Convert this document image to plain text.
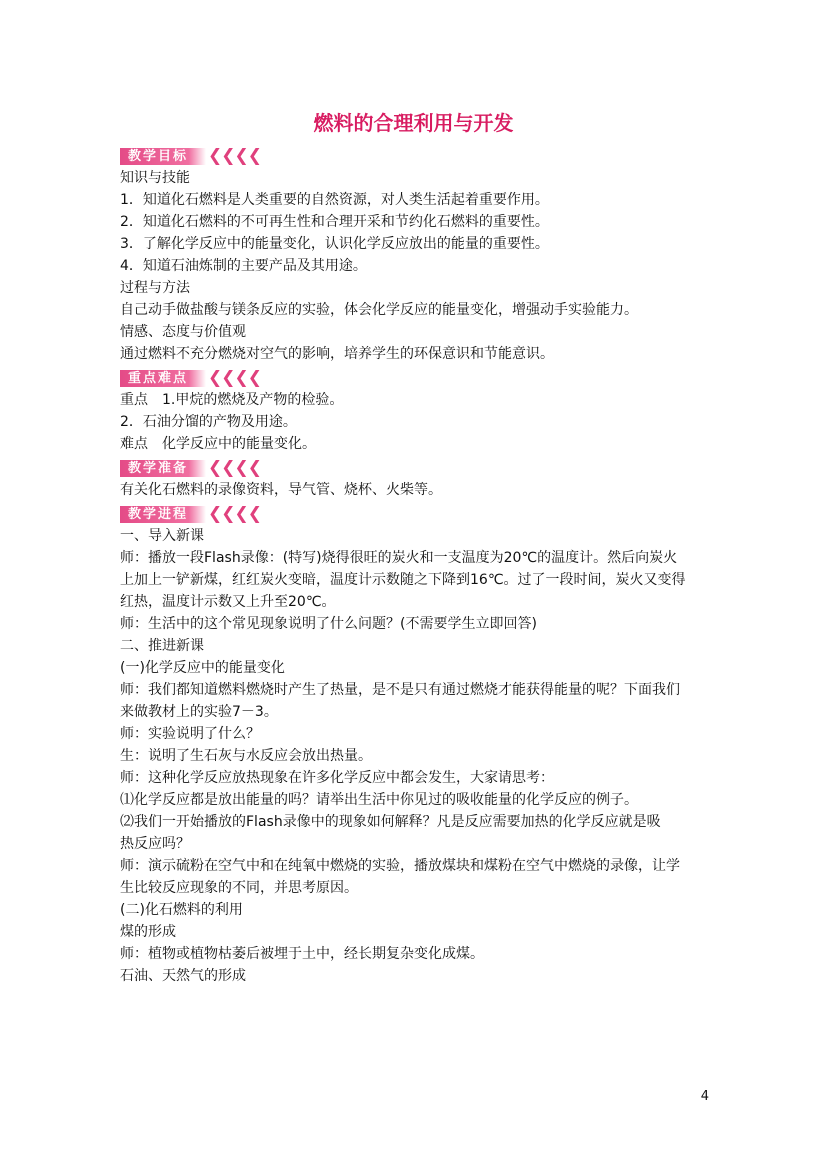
燃料的合理利用与开发
教学目标	❮❮❮❮
知识与技能
1．知道化石燃料是人类重要的自然资源，对人类生活起着重要作用。
2．知道化石燃料的不可再生性和合理开采和节约化石燃料的重要性。
3．了解化学反应中的能量变化，认识化学反应放出的能量的重要性。
4．知道石油炼制的主要产品及其用途。
过程与方法
自己动手做盐酸与镁条反应的实验，体会化学反应的能量变化，增强动手实验能力。
情感、态度与价值观
通过燃料不充分燃烧对空气的影响，培养学生的环保意识和节能意识。
重点难点	❮❮❮❮
重点　1.甲烷的燃烧及产物的检验。
2．石油分馏的产物及用途。
难点　化学反应中的能量变化。
教学准备	❮❮❮❮
有关化石燃料的录像资料，导气管、烧杯、火柴等。
教学进程	❮❮❮❮
一、导入新课
师：播放一段Flash录像：(特写)烧得很旺的炭火和一支温度为20℃的温度计。然后向炭火
上加上一铲新煤，红红炭火变暗，温度计示数随之下降到16℃。过了一段时间，炭火又变得
红热，温度计示数又上升至20℃。
师：生活中的这个常见现象说明了什么问题？(不需要学生立即回答)
二、推进新课
(一)化学反应中的能量变化
师：我们都知道燃料燃烧时产生了热量，是不是只有通过燃烧才能获得能量的呢？下面我们
来做教材上的实验7－3。
师：实验说明了什么？
生：说明了生石灰与水反应会放出热量。
师：这种化学反应放热现象在许多化学反应中都会发生，大家请思考：
⑴化学反应都是放出能量的吗？请举出生活中你见过的吸收能量的化学反应的例子。
⑵我们一开始播放的Flash录像中的现象如何解释？凡是反应需要加热的化学反应就是吸
热反应吗？
师：演示硫粉在空气中和在纯氧中燃烧的实验，播放煤块和煤粉在空气中燃烧的录像，让学
生比较反应现象的不同，并思考原因。
(二)化石燃料的利用
煤的形成
师：植物或植物枯萎后被埋于土中，经长期复杂变化成煤。
石油、天然气的形成
4
